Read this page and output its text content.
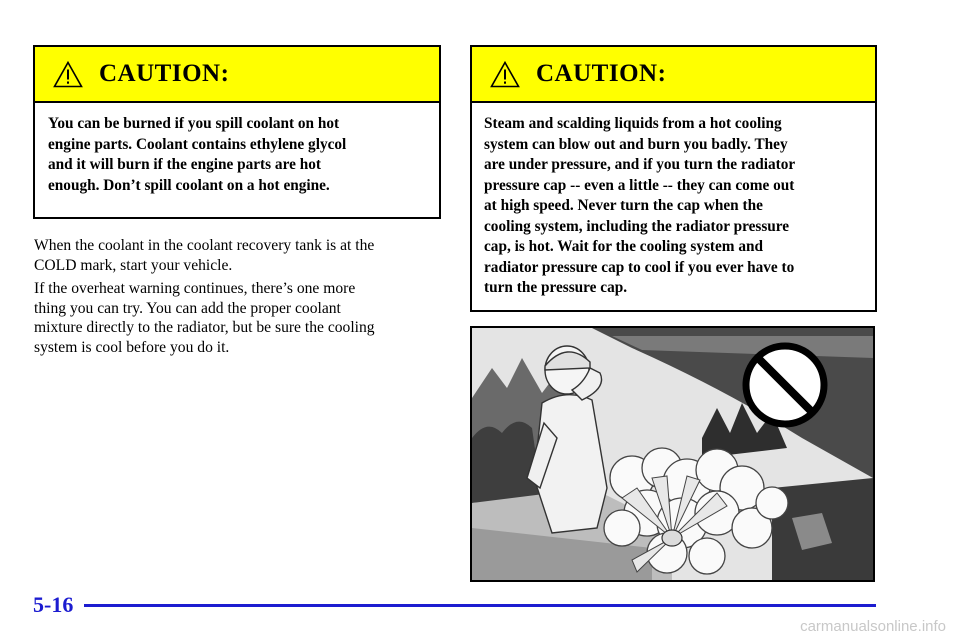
CAUTION:
You can be burned if you spill coolant on hot
engine parts. Coolant contains ethylene glycol
and it will burn if the engine parts are hot
enough. Don’t spill coolant on a hot engine.
When the coolant in the coolant recovery tank is at the
COLD mark, start your vehicle.
If the overheat warning continues, there’s one more
thing you can try. You can add the proper coolant
mixture directly to the radiator, but be sure the cooling
system is cool before you do it.
CAUTION:
Steam and scalding liquids from a hot cooling
system can blow out and burn you badly. They
are under pressure, and if you turn the radiator
pressure cap -- even a little -- they can come out
at high speed. Never turn the cap when the
cooling system, including the radiator pressure
cap, is hot. Wait for the cooling system and
radiator pressure cap to cool if you ever have to
turn the pressure cap.
5-16
carmanualsonline.info
